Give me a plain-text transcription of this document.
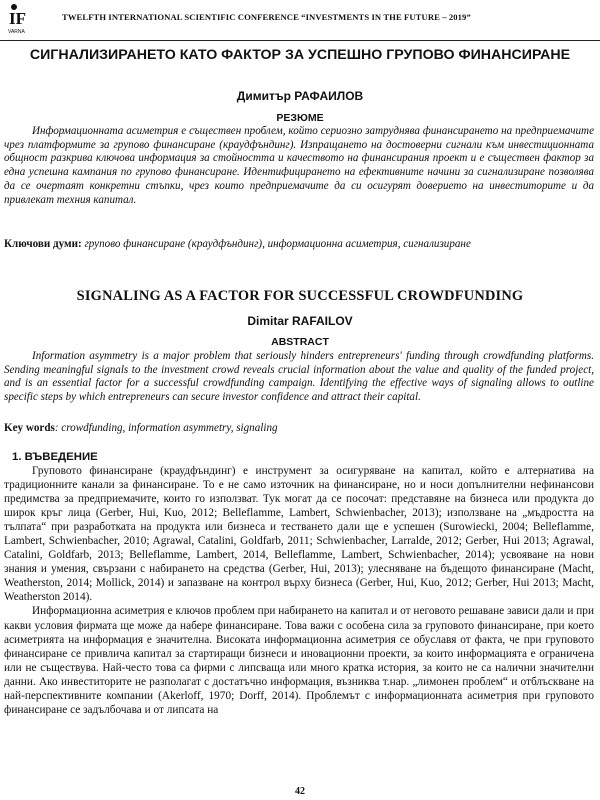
IF
VARNA
TWELFTH INTERNATIONAL SCIENTIFIC CONFERENCE “INVESTMENTS IN THE FUTURE – 2019”
СИГНАЛИЗИРАНЕТО КАТО ФАКТОР ЗА УСПЕШНО ГРУПОВО ФИНАНСИРАНЕ
Димитър РАФАИЛОВ
РЕЗЮМЕ
Информационната асиметрия е съществен проблем, който сериозно затруднява финансирането на предприемачите чрез платформите за групово финансиране (краудфъндинг). Изпращането на достоверни сигнали към инвестиционната общност разкрива ключова информация за стойността и качеството на финансирания проект и е съществен фактор за една успешна кампания по групово финансиране. Идентифицирането на ефективните начини за сигнализиране позволява да се очертаят конкретни стъпки, чрез които предприемачите да си осигурят доверието на инвеститорите и да привлекат техния капитал.
Ключови думи: групово финансиране (краудфъндинг), информационна асиметрия, сигнализиране
SIGNALING AS A FACTOR FOR SUCCESSFUL CROWDFUNDING
Dimitar RAFAILOV
ABSTRACT
Information asymmetry is a major problem that seriously hinders entrepreneurs' funding through crowdfunding platforms. Sending meaningful signals to the investment crowd reveals crucial information about the value and quality of the funded project, and is an essential factor for a successful crowdfunding campaign. Identifying the effective ways of signaling allows to outline specific steps by which entrepreneurs can secure investor confidence and attract their capital.
Key words: crowdfunding, information asymmetry, signaling
1. ВЪВЕДЕНИЕ
Груповото финансиране (краудфъндинг) е инструмент за осигуряване на капитал, който е алтернатива на традиционните канали за финансиране. То е не само източник на финансиране, но и носи допълнителни нефинансови предимства за предприемачите, които го използват. Тук могат да се посочат: представяне на бизнеса или продукта до широк кръг лица (Gerber, Hui, Kuo, 2012; Belleflamme, Lambert, Schwienbacher, 2013); използване на „мъдростта на тълпата“ при разработката на продукта или бизнеса и тестването дали ще е успешен (Surowiecki, 2004; Belleflamme, Lambert, Schwienbacher, 2010; Agrawal, Catalini, Goldfarb, 2011; Schwienbacher, Larralde, 2012; Gerber, Hui 2013; Agrawal, Catalini, Goldfarb, 2013; Belleflamme, Lambert, 2014, Belleflamme, Lambert, Schwienbacher, 2014); усвояване на нови знания и умения, свързани с набирането на средства (Gerber, Hui, 2013); улесняване на бъдещото финансиране (Macht, Weatherston, 2014; Mollick, 2014) и запазване на контрол върху бизнеса (Gerber, Hui, Kuo, 2012; Gerber, Hui 2013; Macht, Weatherston 2014).
Информационна асиметрия е ключов проблем при набирането на капитал и от неговото решаване зависи дали и при какви условия фирмата ще може да набере финансиране. Това важи с особена сила за груповото финансиране, при което асиметрията на информация е значителна. Високата информационна асиметрия се обуславя от факта, че при груповото финансиране се привлича капитал за стартиращи бизнеси и иновационни проекти, за които информацията е ограничена или не съществува. Най-често това са фирми с липсваща или много кратка история, за които не са налични значителни данни. Ако инвеститорите не разполагат с достатъчно информация, възниква т.нар. „лимонен проблем“ и отблъскване на най-перспективните компании (Akerloff, 1970; Dorff, 2014). Проблемът с информационната асиметрия при груповото финансиране се задълбочава и от липсата на
42
